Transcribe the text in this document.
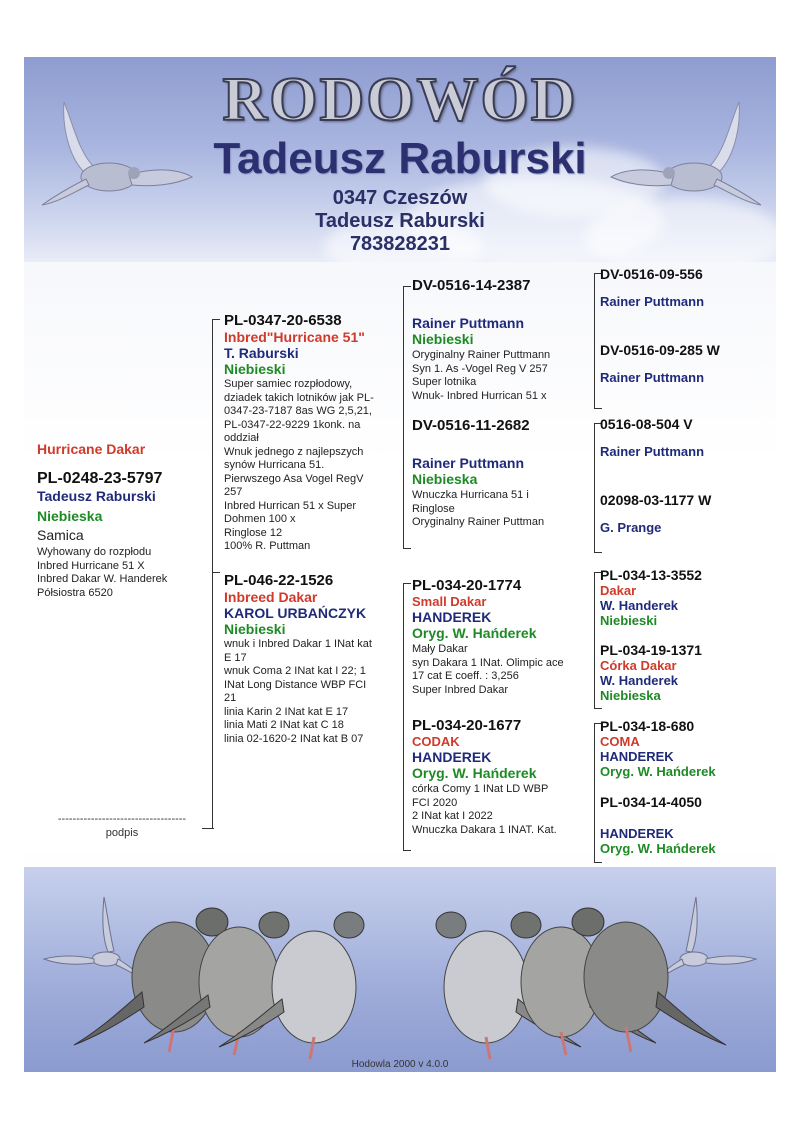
RODOWÓD
Tadeusz Raburski
0347 Czeszów
Tadeusz Raburski
783828231
Hurricane Dakar
PL-0248-23-5797
Tadeusz Raburski
Niebieska
Samica
Wyhowany do rozpłodu
Inbred Hurricane 51 X
Inbred Dakar W. Handerek
Półsiostra 6520
-----------------------------------
podpis
PL-0347-20-6538
Inbred"Hurricane 51"
T. Raburski
Niebieski
Super samiec rozpłodowy,
dziadek takich lotników jak PL-
0347-23-7187 8as WG 2,5,21,
PL-0347-22-9229 1konk. na
oddział
Wnuk jednego z najlepszych
synów Hurricana 51.
Pierwszego Asa Vogel RegV
257
Inbred Hurrican 51 x Super
Dohmen 100 x
Ringlose 12
100% R. Puttman
PL-046-22-1526
Inbreed Dakar
KAROL URBAŃCZYK
Niebieski
wnuk i Inbred Dakar 1 INat kat
E 17
wnuk Coma 2 INat kat I 22; 1
INat Long Distance WBP FCI
21
linia Karin 2 INat kat E 17
linia Mati 2 INat kat C 18
linia 02-1620-2 INat kat B 07
DV-0516-14-2387
Rainer Puttmann
Niebieski
Oryginalny Rainer Puttmann
Syn 1. As -Vogel Reg V 257
Super lotnika
Wnuk- Inbred Hurrican 51 x
DV-0516-11-2682
Rainer Puttmann
Niebieska
Wnuczka Hurricana 51 i
Ringlose
Oryginalny Rainer Puttman
PL-034-20-1774
Small Dakar
HANDEREK
Oryg. W. Hańderek
Mały Dakar
syn Dakara 1 INat. Olimpic ace
17 cat E coeff. : 3,256
Super Inbred Dakar
PL-034-20-1677
CODAK
HANDEREK
Oryg. W. Hańderek
córka Comy 1 INat LD WBP
FCI 2020
2 INat kat I 2022
Wnuczka Dakara 1 INAT. Kat.
DV-0516-09-556
Rainer Puttmann
DV-0516-09-285 W
Rainer Puttmann
0516-08-504 V
Rainer Puttmann
02098-03-1177 W
G. Prange
PL-034-13-3552
Dakar
W. Handerek
Niebieski
PL-034-19-1371
Córka Dakar
W. Handerek
Niebieska
PL-034-18-680
COMA
HANDEREK
Oryg. W. Hańderek
PL-034-14-4050
HANDEREK
Oryg. W. Hańderek
Hodowla 2000 v 4.0.0
